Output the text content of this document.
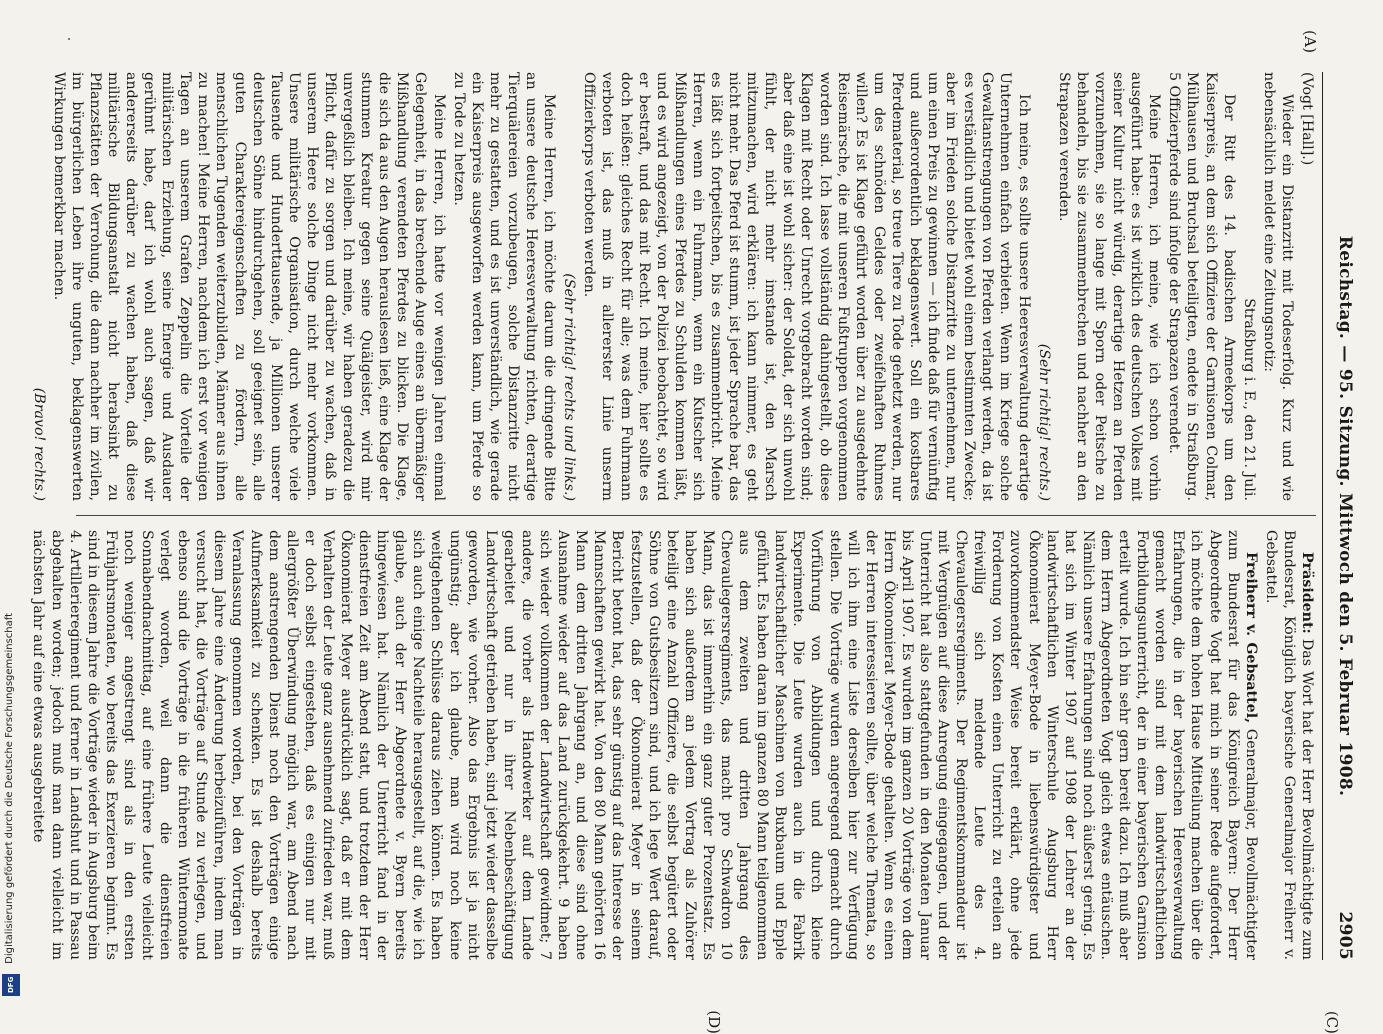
(A)
2905
Reichstag. — 95. Sitzung. Mittwoch den 5. Februar 1908.

(Vogt [Hall].)

Wieder ein Distanzritt mit Todeserfolg. Kurz und wie nebensächlich meldet eine Zeitungsnotiz:

Straßburg i. E., den 21. Juli.

Der Ritt des 14. badischen Armeekorps um den Kaiserpreis, an dem sich Offiziere der Garnisonen Colmar, Mülhausen und Bruchsal beteiligten, endete in Straßburg. 5 Offizierpferde sind infolge der Strapazen verendet.

Meine Herren, ich meine, wie ich schon vorhin ausgeführt habe: es ist wirklich des deutschen Volkes mit seiner Kultur nicht würdig, derartige Hetzen an Pferden vorzunehmen, sie so lange mit Sporn oder Peitsche zu behandeln, bis sie zusammenbrechen und nachher an den Strapazen verenden.

(Sehr richtig! rechts.)

Ich meine, es sollte unsere Heeresverwaltung derartige Unternehmen einfach verbieten. Wenn im Kriege solche Gewaltanstrengungen von Pferden verlangt werden, da ist es verständlich und bietet wohl einem bestimmten Zwecke; aber im Frieden solche Distanzritte zu unternehmen, nur um einen Preis zu gewinnen — ich finde daß für vernünftig und außerordentlich beklagenswert. Soll ein kostbares Pferdematerial, so treue Tiere zu Tode gehetzt werden, nur um des schnöden Geldes oder zweifelhaften Ruhmes willen? Es ist Klage geführt worden über zu ausgedehnte Reisemärsche, die mit unseren Fußtruppen vorgenommen worden sind. Ich lasse vollständig dahingestellt, ob diese Klagen mit Recht oder Unrecht vorgebracht worden sind; aber daß eine ist wohl sicher: der Soldat, der sich unwohl fühlt, der nicht mehr imstande ist, den Marsch mitzumachen, wird erklären: ich kann nimmer, es geht nicht mehr. Das Pferd ist stumm, ist jeder Sprache bar, das es läßt sich fortpeitschen, bis es zusammenbricht. Meine Herren, wenn ein Fuhrmann, wenn ein Kutscher sich Mißhandlungen eines Pferdes zu Schulden kommen läßt, und es wird angezeigt, von der Polizei beobachtet, so wird er bestraft, und das mit Recht. Ich meine, hier sollte es doch heißen: gleiches Recht für alle; was dem Fuhrmann verboten ist, das muß in allererster Linie unserm Offizierkorps verboten werden.

(Sehr richtig! rechts und links.)

Meine Herren, ich möchte darum die dringende Bitte an unsere deutsche Heeresverwaltung richten, derartige Tierquälereien vorzubeugen, solche Distanzritte nicht mehr zu gestatten, und es ist unverständlich, wie gerade ein Kaiserpreis ausgeworfen werden kann, um Pferde so zu Tode zu hetzen.

Meine Herren, ich hatte vor wenigen Jahren einmal Gelegenheit, in das brechende Auge eines an übermäßiger Mißhandlung verendeten Pferdes zu blicken. Die Klage, die sich da aus den Augen herauslesen ließ, eine Klage der stummen Kreatur gegen seine Quälgeister, wird mir unvergeßlich bleiben. Ich meine, wir haben geradezu die Pflicht, dafür zu sorgen und darüber zu wachen, daß in unserem Heere solche Dinge nicht mehr vorkommen. Unsere militärische Organisation, durch welche viele Tausende und Hunderttausende, ja Millionen unserer deutschen Söhne hindurchgehen, soll geeignet sein, alle guten Charaktereigenschaften zu fördern, alle menschlichen Tugenden weiterzubilden, Männer aus ihnen zu machen! Meine Herren, nachdem ich erst vor wenigen Tagen an unserem Grafen Zeppelin die Vorteile der militärischen Erziehung, seine Energie und Ausdauer gerühmt habe, darf ich wohl auch sagen, daß wir andererseits darüber zu wachen haben, daß diese militärische Bildungsanstalt nicht herabsinkt zu Pflanzstätten der Verrohung, die dann nachher im zivilen, im bürgerlichen Leben ihre unguten, beklagenswerten Wirkungen bemerkbar machen.

(Bravo! rechts.)

Präsident: Das Wort hat der Herr Bevollmächtigte zum Bundesrat, Königlich bayerische Generalmajor Freiherr v. Gebsattel.

Freiherr v. Gebsattel, Generalmajor, Bevollmächtigter zum Bundesrat für das Königreich Bayern: Der Herr Abgeordnete Vogt hat mich in seiner Rede aufgefordert, ich möchte dem hohen Hause Mitteilung machen über die Erfahrungen, die in der bayerischen Heeresverwaltung gemacht worden sind mit dem landwirtschaftlichen Fortbildungsunterricht, der in einer bayerischen Garnison erteilt wurde. Ich bin sehr gern bereit dazu. Ich muß aber dem Herrn Abgeordneten Vogt gleich etwas entäuschen. Nämlich unsere Erfahrungen sind noch äußerst gering. Es hat sich im Winter 1907 auf 1908 der Lehrer an der landwirtschaftlichen Winterschule Augsburg Herr Ökonomierat Meyer-Bode in liebenswürdigster und zuvorkommendster Weise bereit erklärt, ohne jede Forderung von Kosten einen Unterricht zu erteilen an freiwillig sich meldende Leute des 4. Chevaulegersregiments. Der Regimentskommandeur ist mit Vergnügen auf diese Anregung eingegangen, und der Unterricht hat also stattgefunden in den Monaten Januar bis April 1907. Es wurden im ganzen 20 Vorträge von dem Herrn Ökonomierat Meyer-Bode gehalten. Wenn es einen der Herren interessieren sollte, über welche Themata, so will ich ihm eine Liste derselben hier zur Verfügung stellen. Die Vorträge wurden angeregend gemacht durch Vorführung von Abbildungen und durch kleine Experimente. Die Leute wurden auch in die Fabrik landwirtschaftlicher Maschinen von Buxbaum und Epple geführt. Es haben daran im ganzen 80 Mann teilgenommen aus dem zweiten und dritten Jahrgang des Chevaulegersregiments, das macht pro Schwadron 10 Mann, das ist immerhin ein ganz guter Prozentsatz. Es haben sich außerdem an jedem Vortrag als Zuhörer beteiligt eine Anzahl Offiziere, die selbst begütert oder Söhne von Gutsbesitzern sind, und ich lege Wert darauf, festzustellen, daß der Ökonomierat Meyer in seinem Bericht betont hat, das sehr günstig auf das Interesse der Mannschaften gewirkt hat. Von den 80 Mann gehörten 16 Mann dem dritten Jahrgang an, und diese sind ohne Ausnahme wieder auf das Land zurückgekehrt. 9 haben sich wieder vollkommen der Landwirtschaft gewidmet; 7 andere, die vorher als Handwerker auf dem Lande gearbeitet und nur in ihrer Nebenbeschäftigung Landwirtschaft getrieben haben, sind jetzt wieder dasselbe geworden, wie vorher. Also das Ergebnis ist ja nicht ungünstig; aber ich glaube, man wird noch keine weitgehenden Schlüsse daraus ziehen können. Es haben sich auch einige Nachteile herausgestellt, auf die, wie ich glaube, auch der Herr Abgeordnete v. Byern bereits hingewiesen hat. Nämlich der Unterricht fand in der dienstfreien Zeit am Abend statt, und trotzdem der Herr Ökonomierat Meyer ausdrücklich sagt, daß er mit dem Verhalten der Leute ganz ausnehmend zufrieden war, muß er doch selbst eingestehen, daß es einigen nur mit allergrößter Überwindung möglich war, am Abend nach dem anstrengenden Dienst noch den Vorträgen einige Aufmerksamkeit zu schenken. Es ist deshalb bereits Veranlassung genommen worden, bei den Vorträgen in diesem Jahre eine Änderung herbeizuführen, indem man versucht hat, die Vorträge auf Stunde zu verlegen, und ebenso sind die Vorträge in die früheren Wintermonate verlegt worden, weil dann die dienstfreien Sonnabendnachmittag, auf eine frühere Leute vielleicht noch weniger angestrengt sind als in den ersten Frühjahrsmonaten, wo bereits das Exerzieren beginnt. Es sind in diesem Jahre die Vorträge wieder in Augsburg beim 4. Artillerieregiment und ferner in Landshut und in Passau abgehalten worden; jedoch muß man dann vielleicht im nächsten Jahr auf eine etwas ausgebreitete

(D)	(C)
Digitalisierung gefördert durch die Deutsche Forschungsgemeinschaft
DFG
